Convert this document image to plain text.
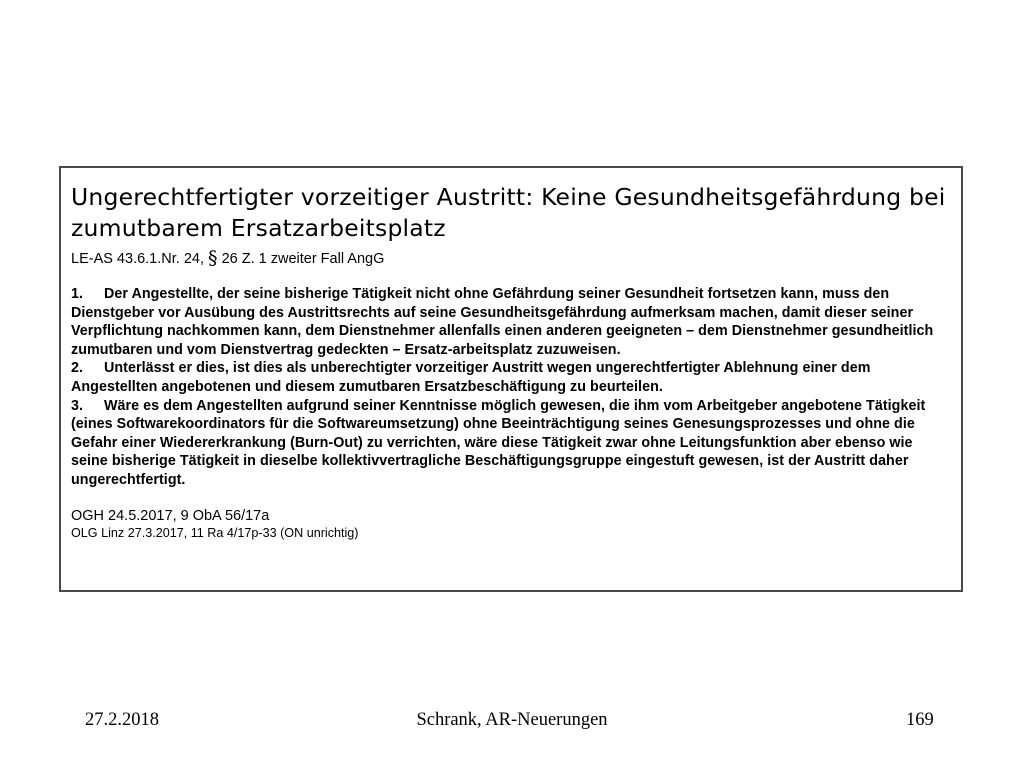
Ungerechtfertigter vorzeitiger Austritt: Keine Gesundheitsgefährdung bei zumutbarem Ersatzarbeitsplatz
LE-AS 43.6.1.Nr. 24, § 26 Z. 1 zweiter Fall AngG
1. Der Angestellte, der seine bisherige Tätigkeit nicht ohne Gefährdung seiner Gesundheit fortsetzen kann, muss den Dienstgeber vor Ausübung des Austrittsrechts auf seine Gesundheitsgefährdung aufmerksam machen, damit dieser seiner Verpflichtung nachkommen kann, dem Dienstnehmer allenfalls einen anderen geeigneten – dem Dienstnehmer gesundheitlich zumutbaren und vom Dienstvertrag gedeckten – Ersatz-arbeitsplatz zuzuweisen.
2. Unterlässt er dies, ist dies als unberechtigter vorzeitiger Austritt wegen ungerechtfertigter Ablehnung einer dem Angestellten angebotenen und diesem zumutbaren Ersatzbeschäftigung zu beurteilen.
3. Wäre es dem Angestellten aufgrund seiner Kenntnisse möglich gewesen, die ihm vom Arbeitgeber angebotene Tätigkeit (eines Softwarekoordinators für die Softwareumsetzung) ohne Beeinträchtigung seines Genesungsprozesses und ohne die Gefahr einer Wiedererkrankung (Burn-Out) zu verrichten, wäre diese Tätigkeit zwar ohne Leitungsfunktion aber ebenso wie seine bisherige Tätigkeit in dieselbe kollektivvertragliche Beschäftigungsgruppe eingestuft gewesen, ist der Austritt daher ungerechtfertigt.
OGH 24.5.2017, 9 ObA 56/17a
OLG Linz 27.3.2017, 11 Ra 4/17p-33 (ON unrichtig)
27.2.2018	Schrank, AR-Neuerungen	169
